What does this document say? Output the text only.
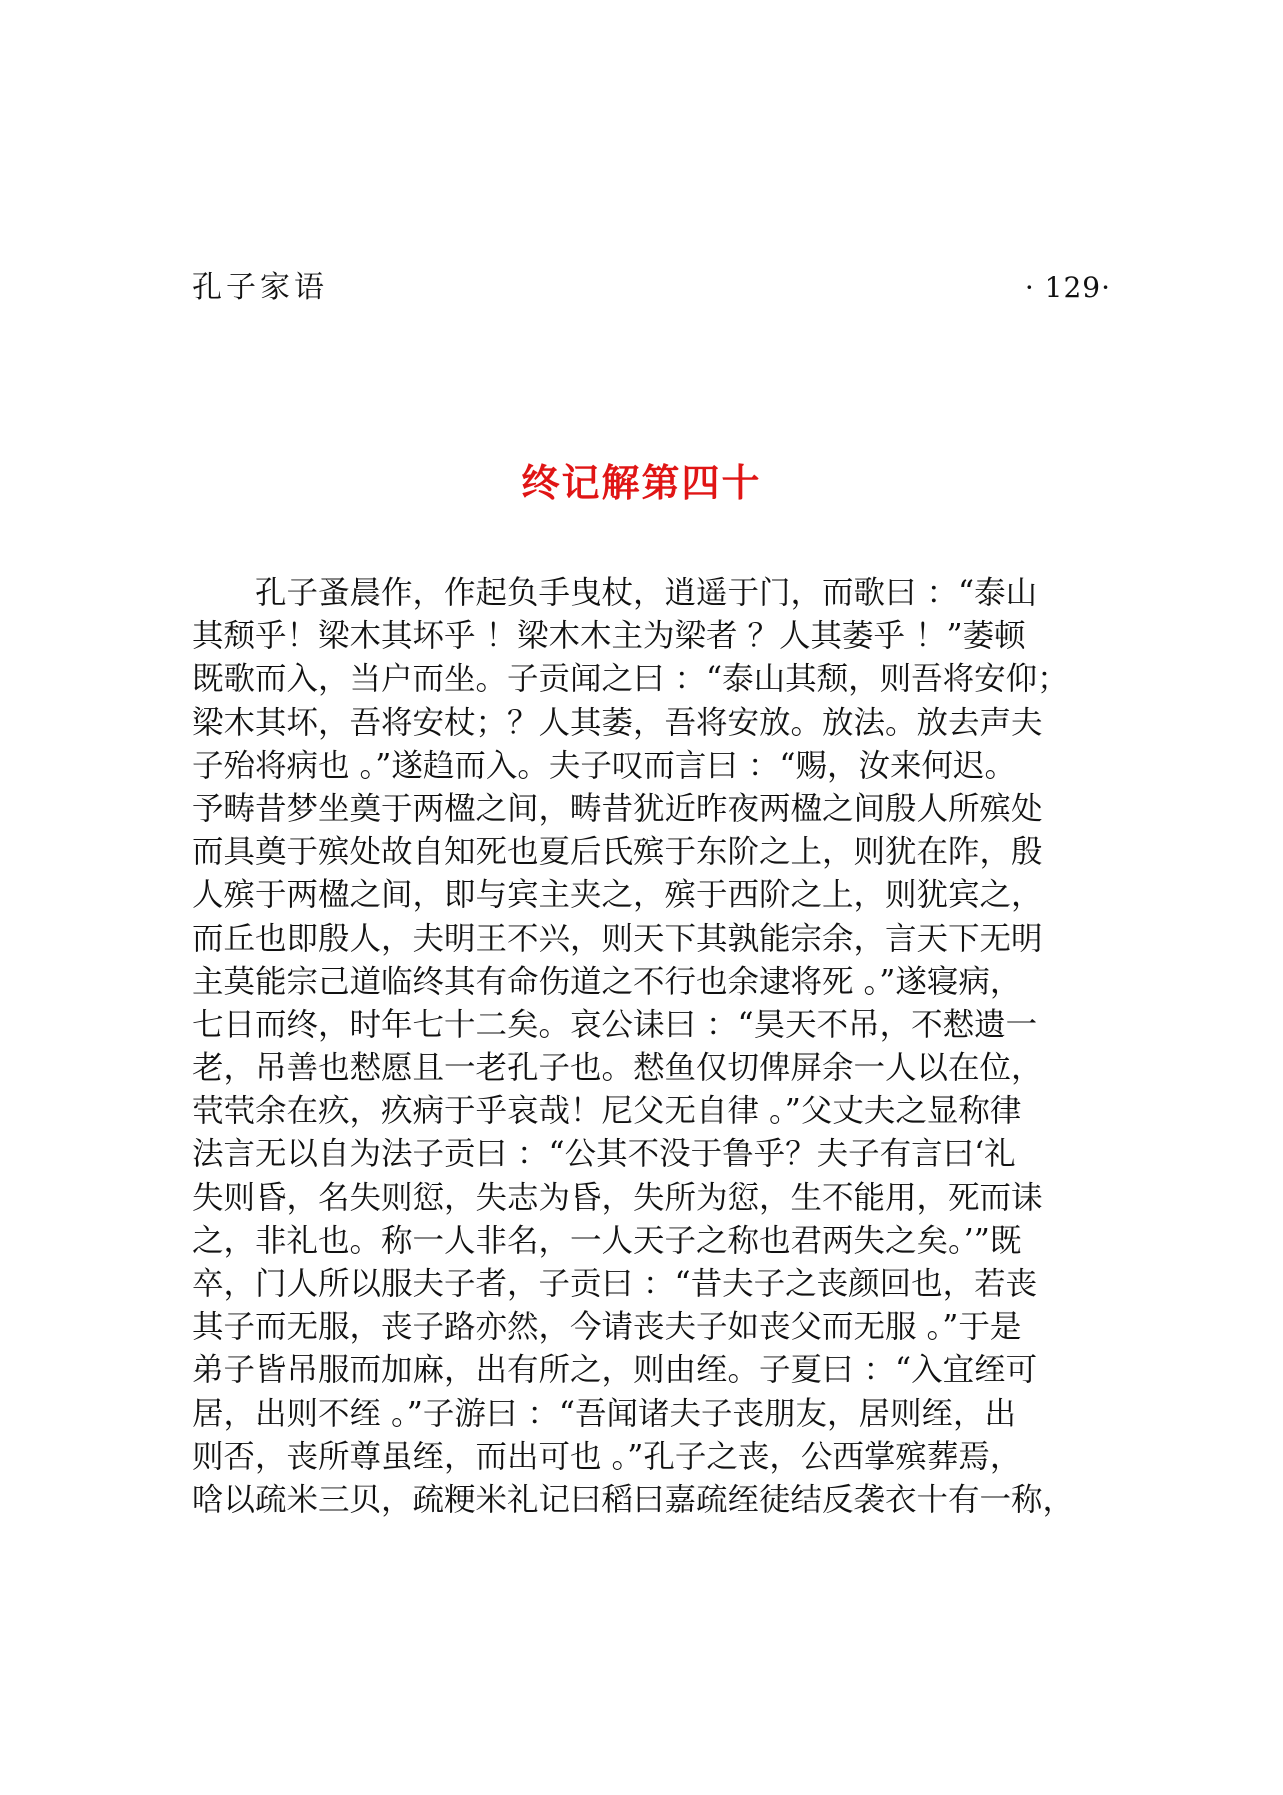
孔子家语	· 129·
终记解第四十
孔子蚤晨作，作起负手曳杖，逍遥于门，而歌曰 ：“泰山
其颓乎！梁木其坏乎 ！梁木木主为梁者 ？人其萎乎 ！”萎顿
既歌而入，当户而坐。子贡闻之曰 ：“泰山其颓，则吾将安仰；
梁木其坏，吾将安杖；？人其萎，吾将安放。放法。放去声夫
子殆将病也 。”遂趋而入。夫子叹而言曰 ：“赐，汝来何迟。
予畴昔梦坐奠于两楹之间，畴昔犹近昨夜两楹之间殷人所殡处
而具奠于殡处故自知死也夏后氏殡于东阶之上，则犹在阼，殷
人殡于两楹之间，即与宾主夹之，殡于西阶之上，则犹宾之，
而丘也即殷人，夫明王不兴，则天下其孰能宗余，言天下无明
主莫能宗己道临终其有命伤道之不行也余逮将死 。”遂寝病，
七日而终，时年七十二矣。哀公诔曰 ：“昊天不吊，不慭遗一
老，吊善也慭愿且一老孔子也。慭鱼仅切俾屏余一人以在位，
茕茕余在疚，疚病于乎哀哉！尼父无自律 。”父丈夫之显称律
法言无以自为法子贡曰 ：“公其不没于鲁乎？夫子有言曰‘礼
失则昏，名失则愆，失志为昏，失所为愆，生不能用，死而诔
之，非礼也。称一人非名，一人天子之称也君两失之矣。’”既
卒，门人所以服夫子者，子贡曰 ：“昔夫子之丧颜回也，若丧
其子而无服，丧子路亦然，今请丧夫子如丧父而无服 。”于是
弟子皆吊服而加麻，出有所之，则由绖。子夏曰 ：“入宜绖可
居，出则不绖 。”子游曰 ：“吾闻诸夫子丧朋友，居则绖，出
则否，丧所尊虽绖，而出可也 。”孔子之丧，公西掌殡葬焉，
唅以疏米三贝，疏粳米礼记曰稻曰嘉疏绖徒结反袭衣十有一称，
